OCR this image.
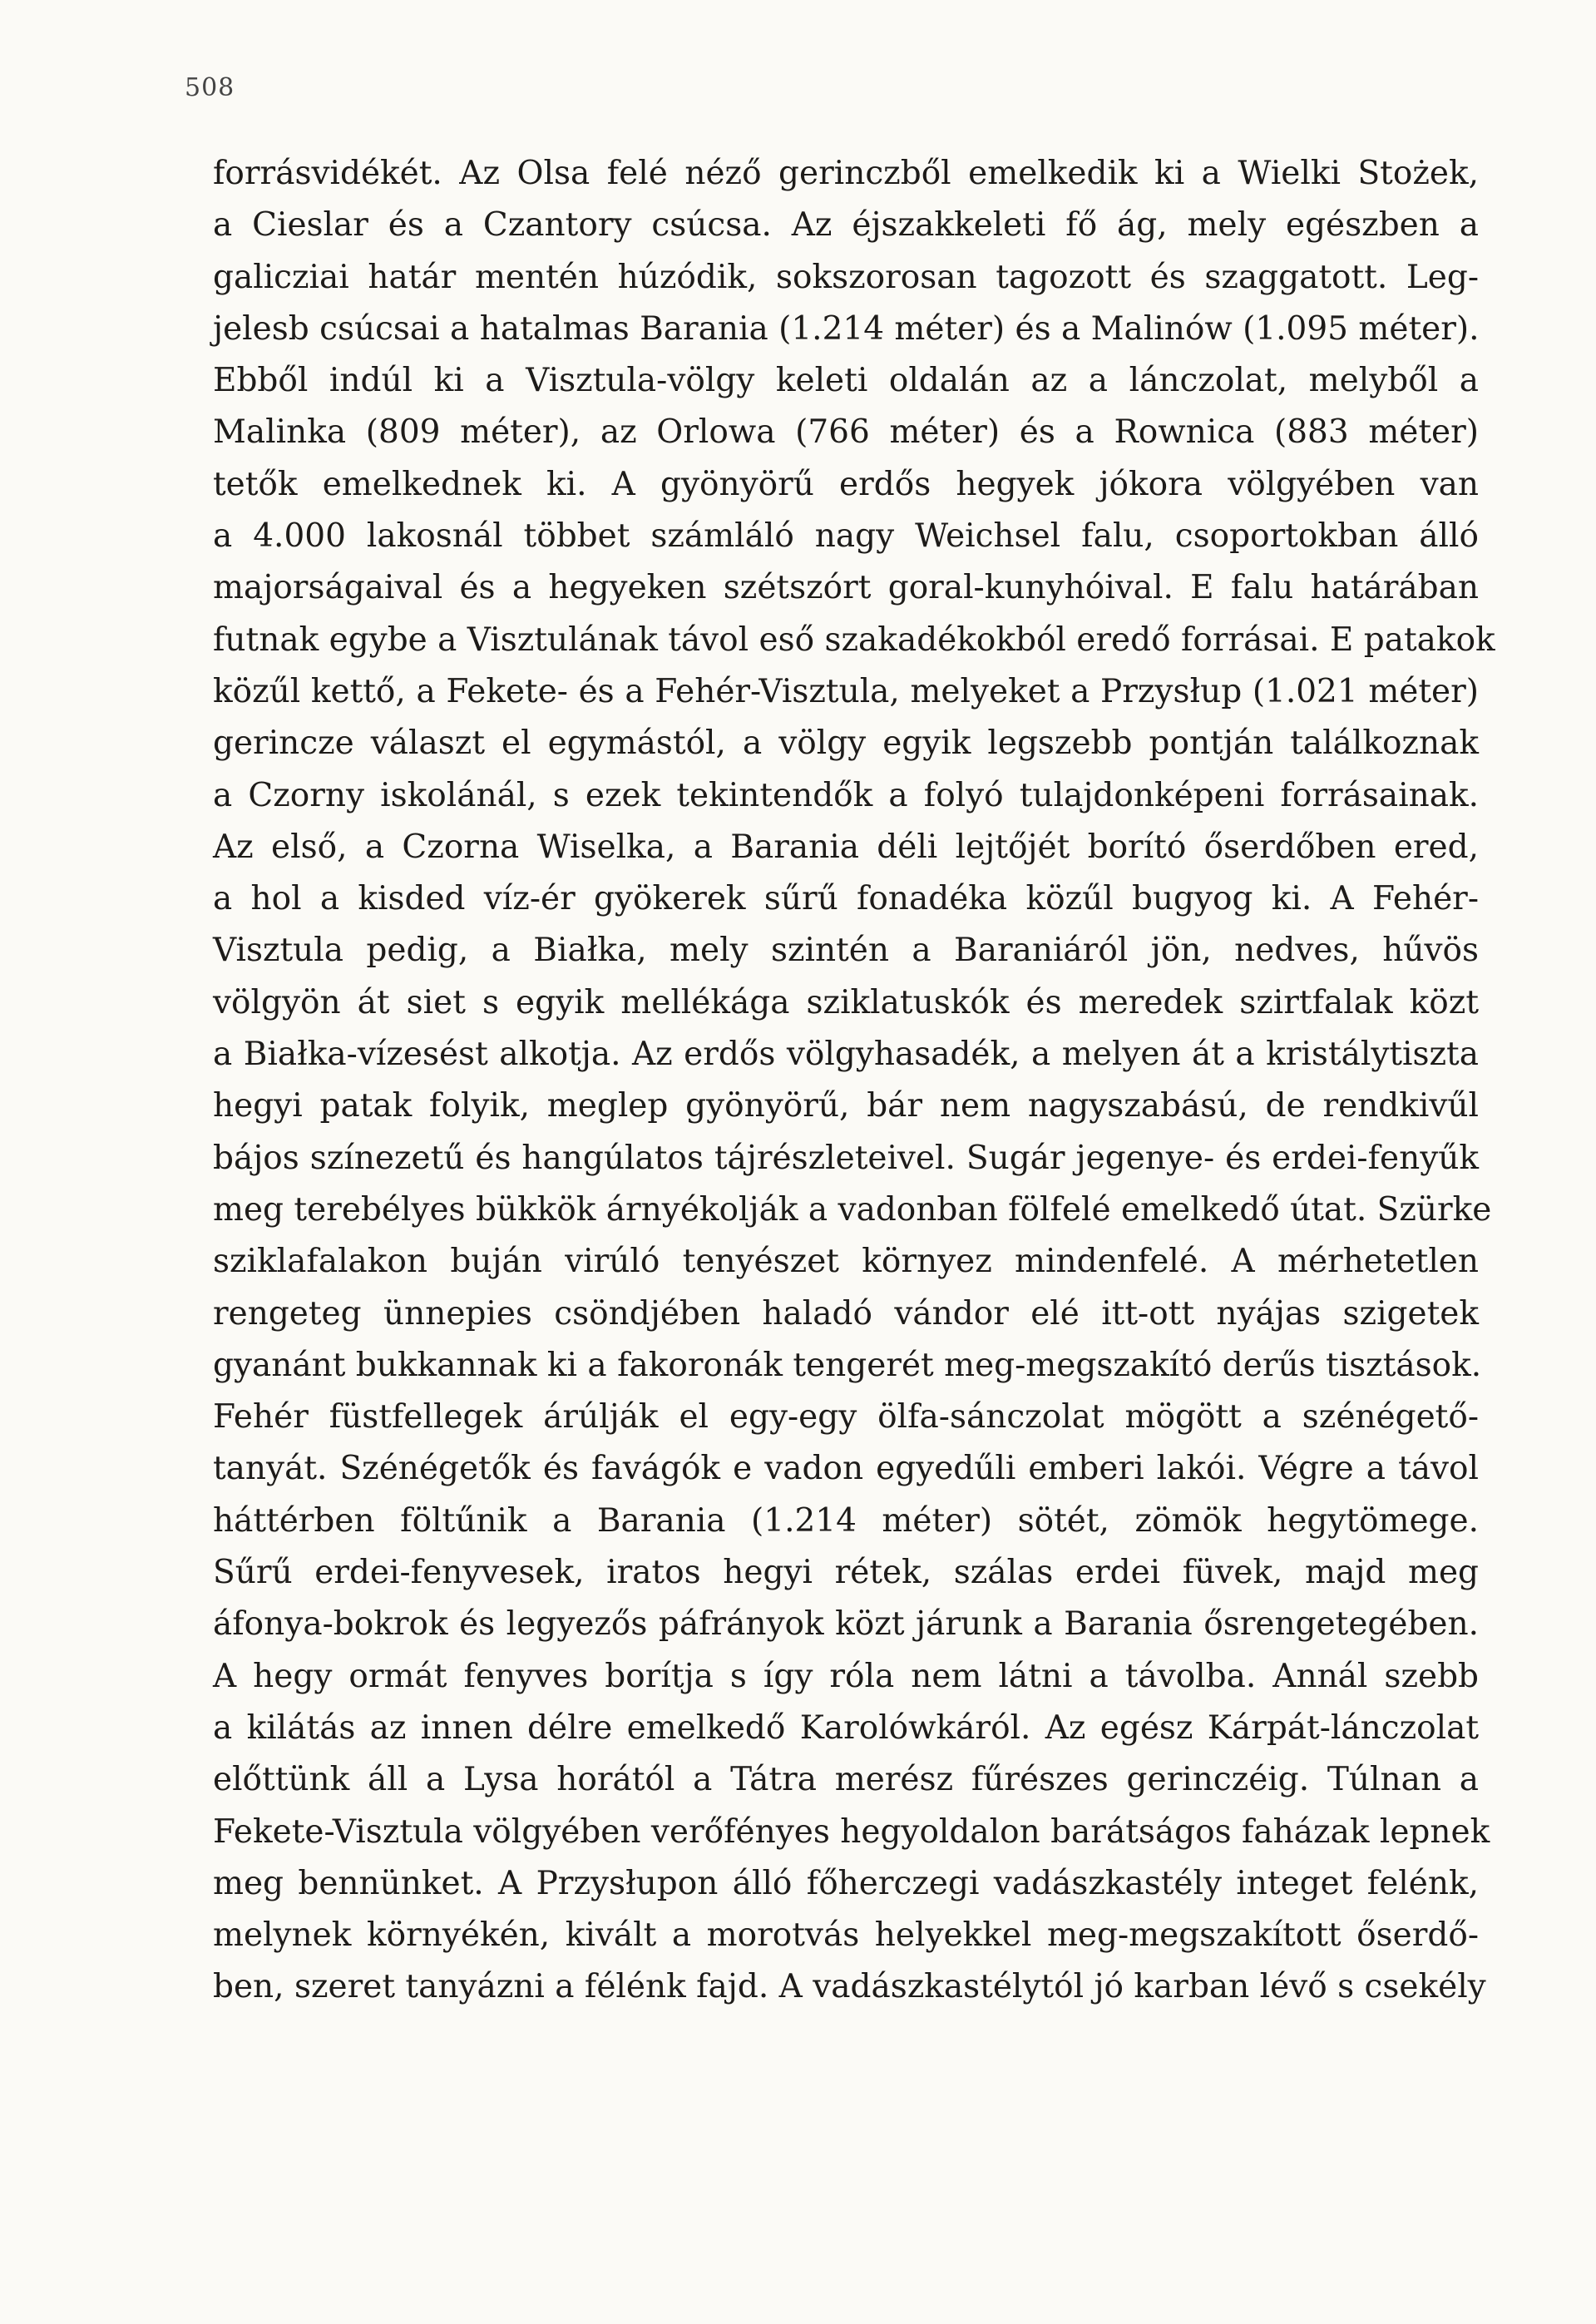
508
forrásvidékét. Az Olsa felé néző gerinczből emelkedik ki a Wielki Stożek,
a Cieslar és a Czantory csúcsa. Az éjszakkeleti fő ág, mely egészben a
galicziai határ mentén húzódik, sokszorosan tagozott és szaggatott. Leg-
jelesb csúcsai a hatalmas Barania (1.214 méter) és a Malinów (1.095 méter).
Ebből indúl ki a Visztula-völgy keleti oldalán az a lánczolat, melyből a
Malinka (809 méter), az Orlowa (766 méter) és a Rownica (883 méter)
tetők emelkednek ki. A gyönyörű erdős hegyek jókora völgyében van
a 4.000 lakosnál többet számláló nagy Weichsel falu, csoportokban álló
majorságaival és a hegyeken szétszórt goral-kunyhóival. E falu határában
futnak egybe a Visztulának távol eső szakadékokból eredő forrásai. E patakok
közűl kettő, a Fekete- és a Fehér-Visztula, melyeket a Przysłup (1.021 méter)
gerincze választ el egymástól, a völgy egyik legszebb pontján találkoznak
a Czorny iskolánál, s ezek tekintendők a folyó tulajdonképeni forrásainak.
Az első, a Czorna Wiselka, a Barania déli lejtőjét borító őserdőben ered,
a hol a kisded víz-ér gyökerek sűrű fonadéka közűl bugyog ki. A Fehér-
Visztula pedig, a Białka, mely szintén a Baraniáról jön, nedves, hűvös
völgyön át siet s egyik mellékága sziklatuskók és meredek szirtfalak közt
a Białka-vízesést alkotja. Az erdős völgyhasadék, a melyen át a kristálytiszta
hegyi patak folyik, meglep gyönyörű, bár nem nagyszabású, de rendkivűl
bájos színezetű és hangúlatos tájrészleteivel. Sugár jegenye- és erdei-fenyűk
meg terebélyes bükkök árnyékolják a vadonban fölfelé emelkedő útat. Szürke
sziklafalakon buján virúló tenyészet környez mindenfelé. A mérhetetlen
rengeteg ünnepies csöndjében haladó vándor elé itt-ott nyájas szigetek
gyanánt bukkannak ki a fakoronák tengerét meg-megszakító derűs tisztások.
Fehér füstfellegek árúlják el egy-egy ölfa-sánczolat mögött a szénégető-
tanyát. Szénégetők és favágók e vadon egyedűli emberi lakói. Végre a távol
háttérben föltűnik a Barania (1.214 méter) sötét, zömök hegytömege.
Sűrű erdei-fenyvesek, iratos hegyi rétek, szálas erdei füvek, majd meg
áfonya-bokrok és legyezős páfrányok közt járunk a Barania ősrengetegében.
A hegy ormát fenyves borítja s így róla nem látni a távolba. Annál szebb
a kilátás az innen délre emelkedő Karolówkáról. Az egész Kárpát-lánczolat
előttünk áll a Lysa horától a Tátra merész fűrészes gerinczéig. Túlnan a
Fekete-Visztula völgyében verőfényes hegyoldalon barátságos faházak lepnek
meg bennünket. A Przysłupon álló főherczegi vadászkastély integet felénk,
melynek környékén, kivált a morotvás helyekkel meg-megszakított őserdő-
ben, szeret tanyázni a félénk fajd. A vadászkastélytól jó karban lévő s csekély
